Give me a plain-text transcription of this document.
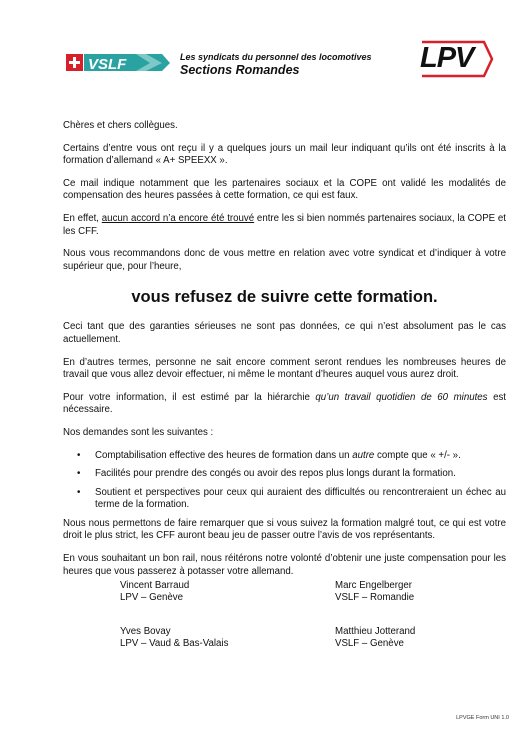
VSLF	Les syndicats du personnel des locomotives
Sections Romandes	LPV

Chères et chers collègues.

Certains d’entre vous ont reçu il y a quelques jours un mail leur indiquant qu’ils ont été inscrits à la formation d’allemand « A+ SPEEXX ».

Ce mail indique notamment que les partenaires sociaux et la COPE ont validé les modalités de compensation des heures passées à cette formation, ce qui est faux.

En effet, aucun accord n’a encore été trouvé entre les si bien nommés partenaires sociaux, la COPE et les CFF.

Nous vous recommandons donc de vous mettre en relation avec votre syndicat et d’indiquer à votre supérieur que, pour l’heure,

vous refusez de suivre cette formation.

Ceci tant que des garanties sérieuses ne sont pas données, ce qui n’est absolument pas le cas actuellement.

En d’autres termes, personne ne sait encore comment seront rendues les nombreuses heures de travail que vous allez devoir effectuer, ni même le montant d’heures auquel vous aurez droit.

Pour votre information, il est estimé par la hiérarchie qu’un travail quotidien de 60 minutes est nécessaire.

Nos demandes sont les suivantes :

• Comptabilisation effective des heures de formation dans un autre compte que « +/- ».
• Facilités pour prendre des congés ou avoir des repos plus longs durant la formation.
• Soutient et perspectives pour ceux qui auraient des difficultés ou rencontreraient un échec au terme de la formation.

Nous nous permettons de faire remarquer que si vous suivez la formation malgré tout, ce qui est votre droit le plus strict, les CFF auront beau jeu de passer outre l’avis de vos représentants.

En vous souhaitant un bon rail, nous réitérons notre volonté d’obtenir une juste compensation pour les heures que vous passerez à potasser votre allemand.

Vincent Barraud
LPV – Genève
Marc Engelberger
VSLF – Romandie
Yves Bovay
LPV – Vaud & Bas-Valais
Matthieu Jotterand
VSLF – Genève
LPVGE Form UNI 1.0
